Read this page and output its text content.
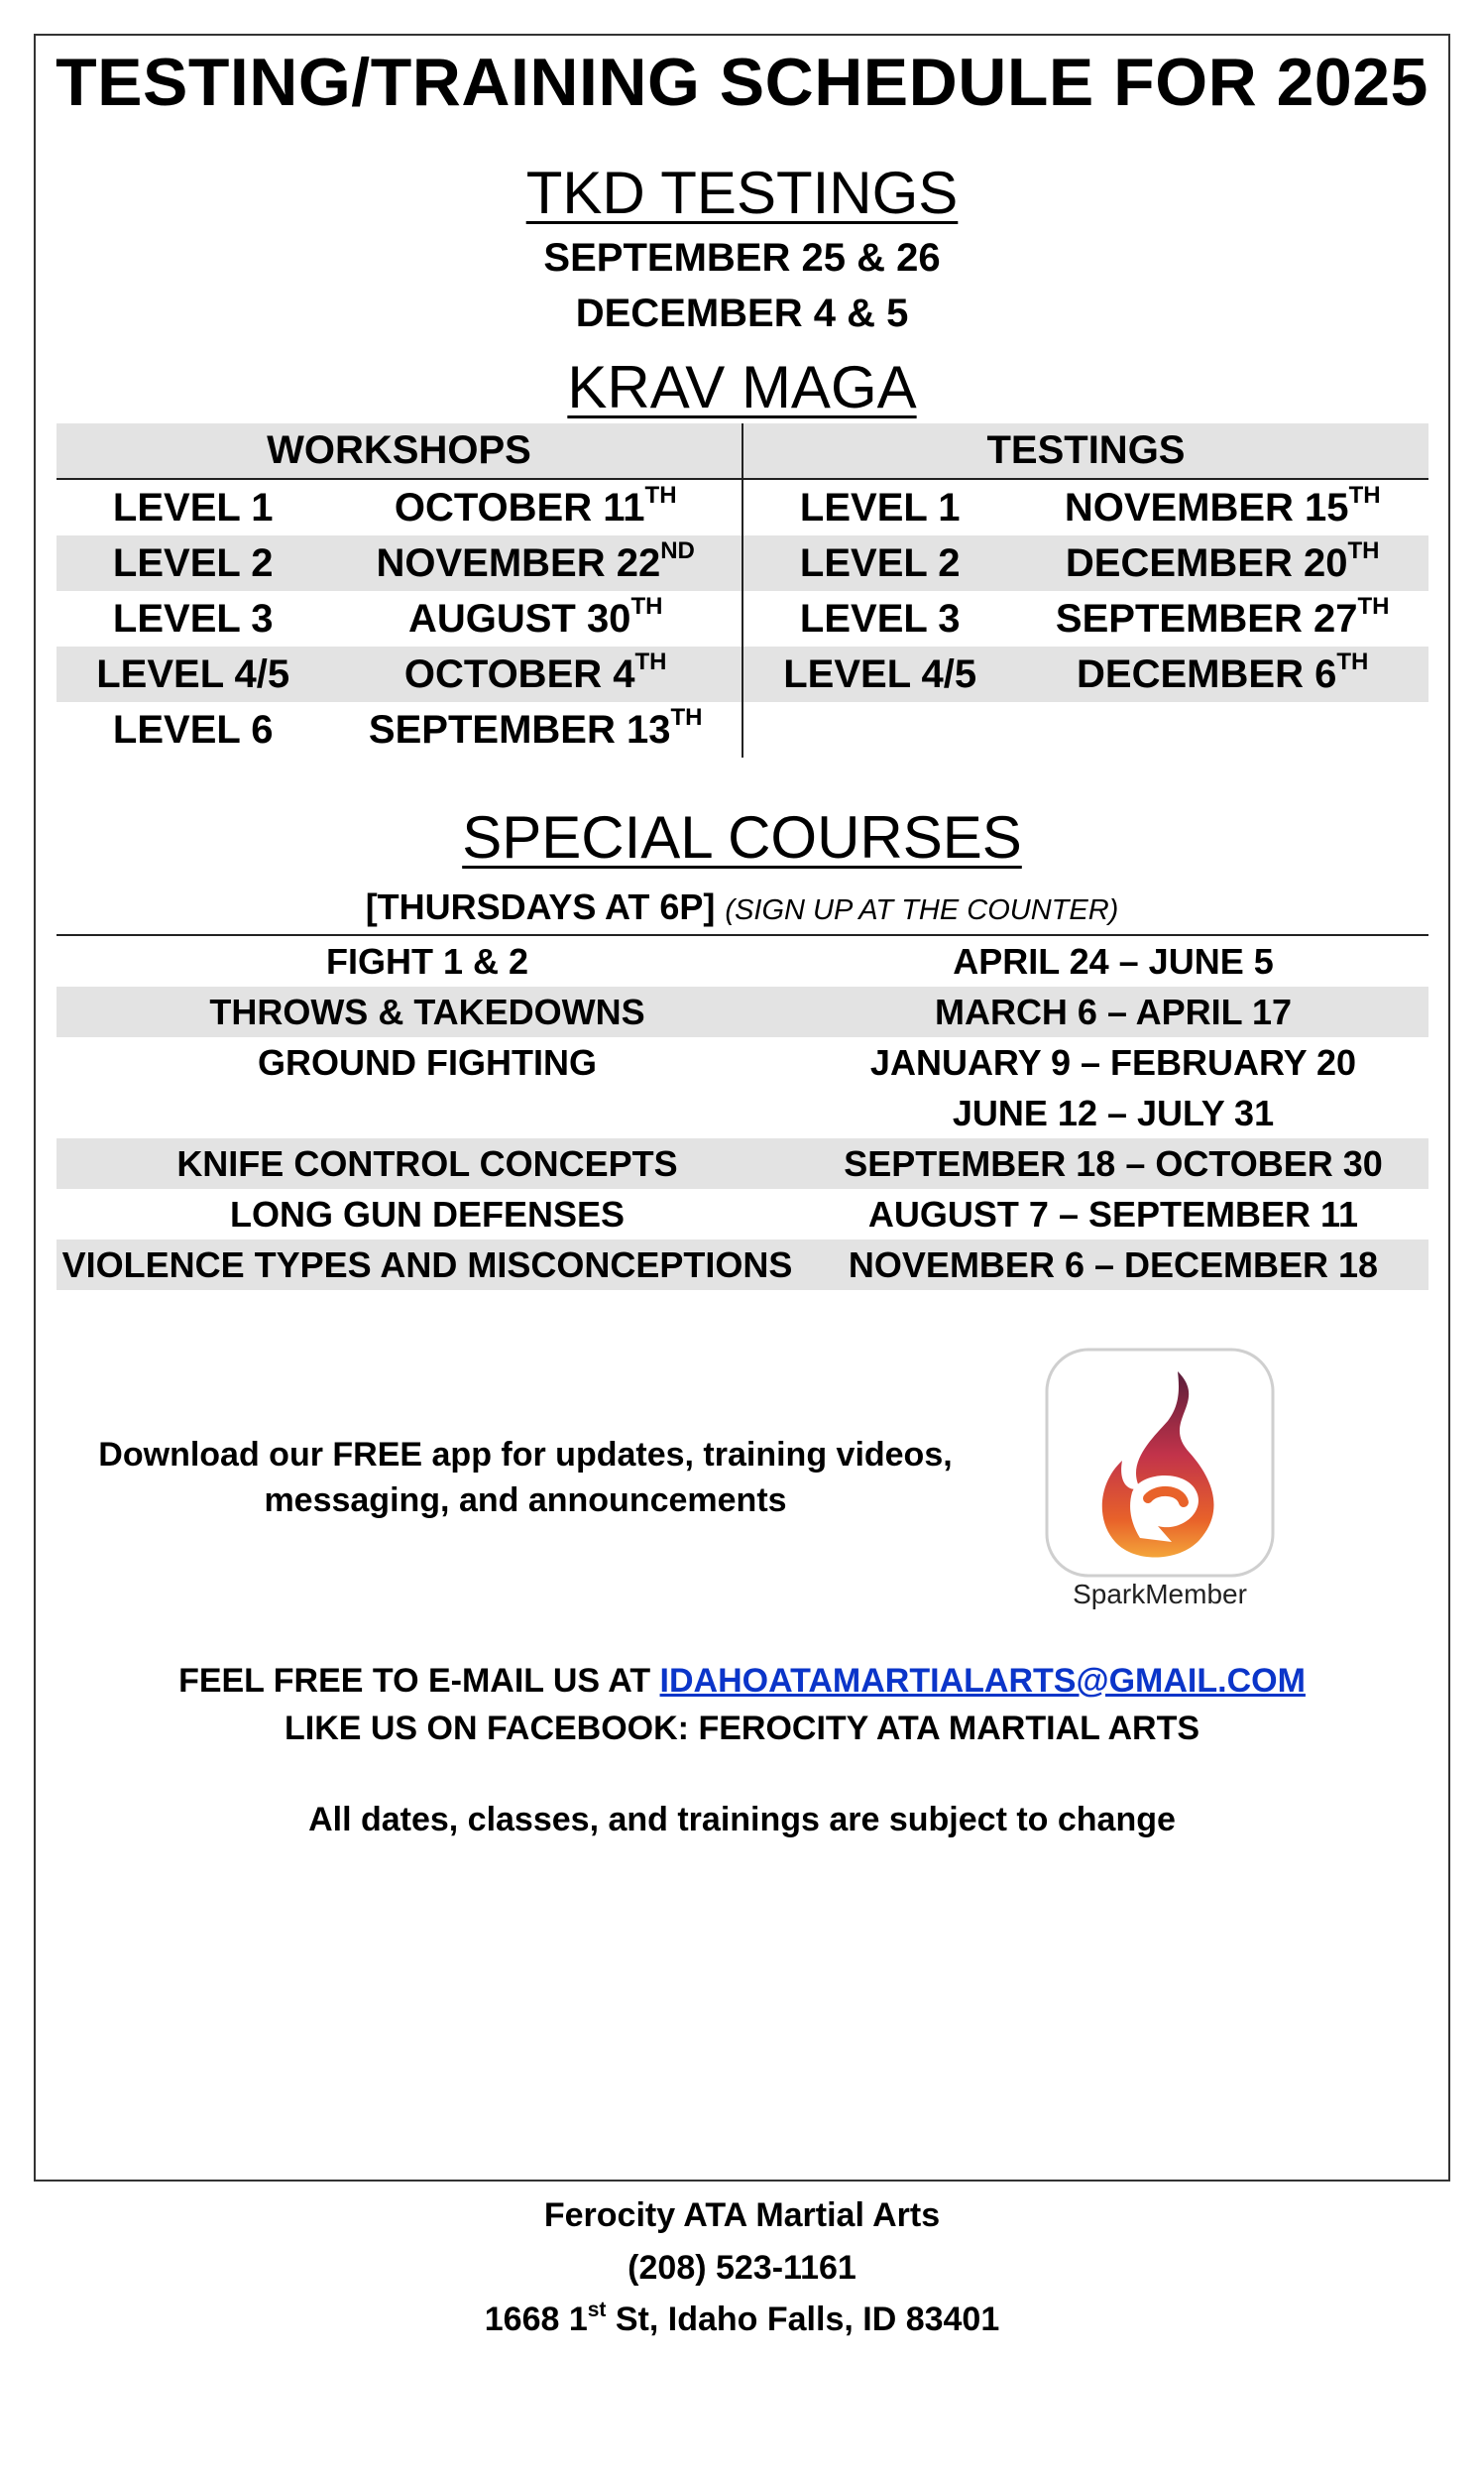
TESTING/TRAINING SCHEDULE FOR 2025
TKD TESTINGS
SEPTEMBER 25 & 26
DECEMBER 4 & 5
KRAV MAGA
WORKSHOPS		TESTINGS	
LEVEL 1	OCTOBER 11TH	LEVEL 1	NOVEMBER 15TH
LEVEL 2	NOVEMBER 22ND	LEVEL 2	DECEMBER 20TH
LEVEL 3	AUGUST 30TH	LEVEL 3	SEPTEMBER 27TH
LEVEL 4/5	OCTOBER 4TH	LEVEL 4/5	DECEMBER 6TH
LEVEL 6	SEPTEMBER 13TH		
SPECIAL COURSES
[THURSDAYS AT 6P] (SIGN UP AT THE COUNTER)
FIGHT 1 & 2	APRIL 24 – JUNE 5
THROWS & TAKEDOWNS	MARCH 6 – APRIL 17
GROUND FIGHTING	JANUARY 9 – FEBRUARY 20
	JUNE 12 – JULY 31
KNIFE CONTROL CONCEPTS	SEPTEMBER 18 – OCTOBER 30
LONG GUN DEFENSES	AUGUST 7 – SEPTEMBER 11
VIOLENCE TYPES AND MISCONCEPTIONS	NOVEMBER 6 – DECEMBER 18
Download our FREE app for updates, training videos,
messaging, and announcements
SparkMember
FEEL FREE TO E-MAIL US AT IDAHOATAMARTIALARTS@GMAIL.COM
LIKE US ON FACEBOOK: FEROCITY ATA MARTIAL ARTS
All dates, classes, and trainings are subject to change
Ferocity ATA Martial Arts
(208) 523-1161
1668 1st St, Idaho Falls, ID 83401
